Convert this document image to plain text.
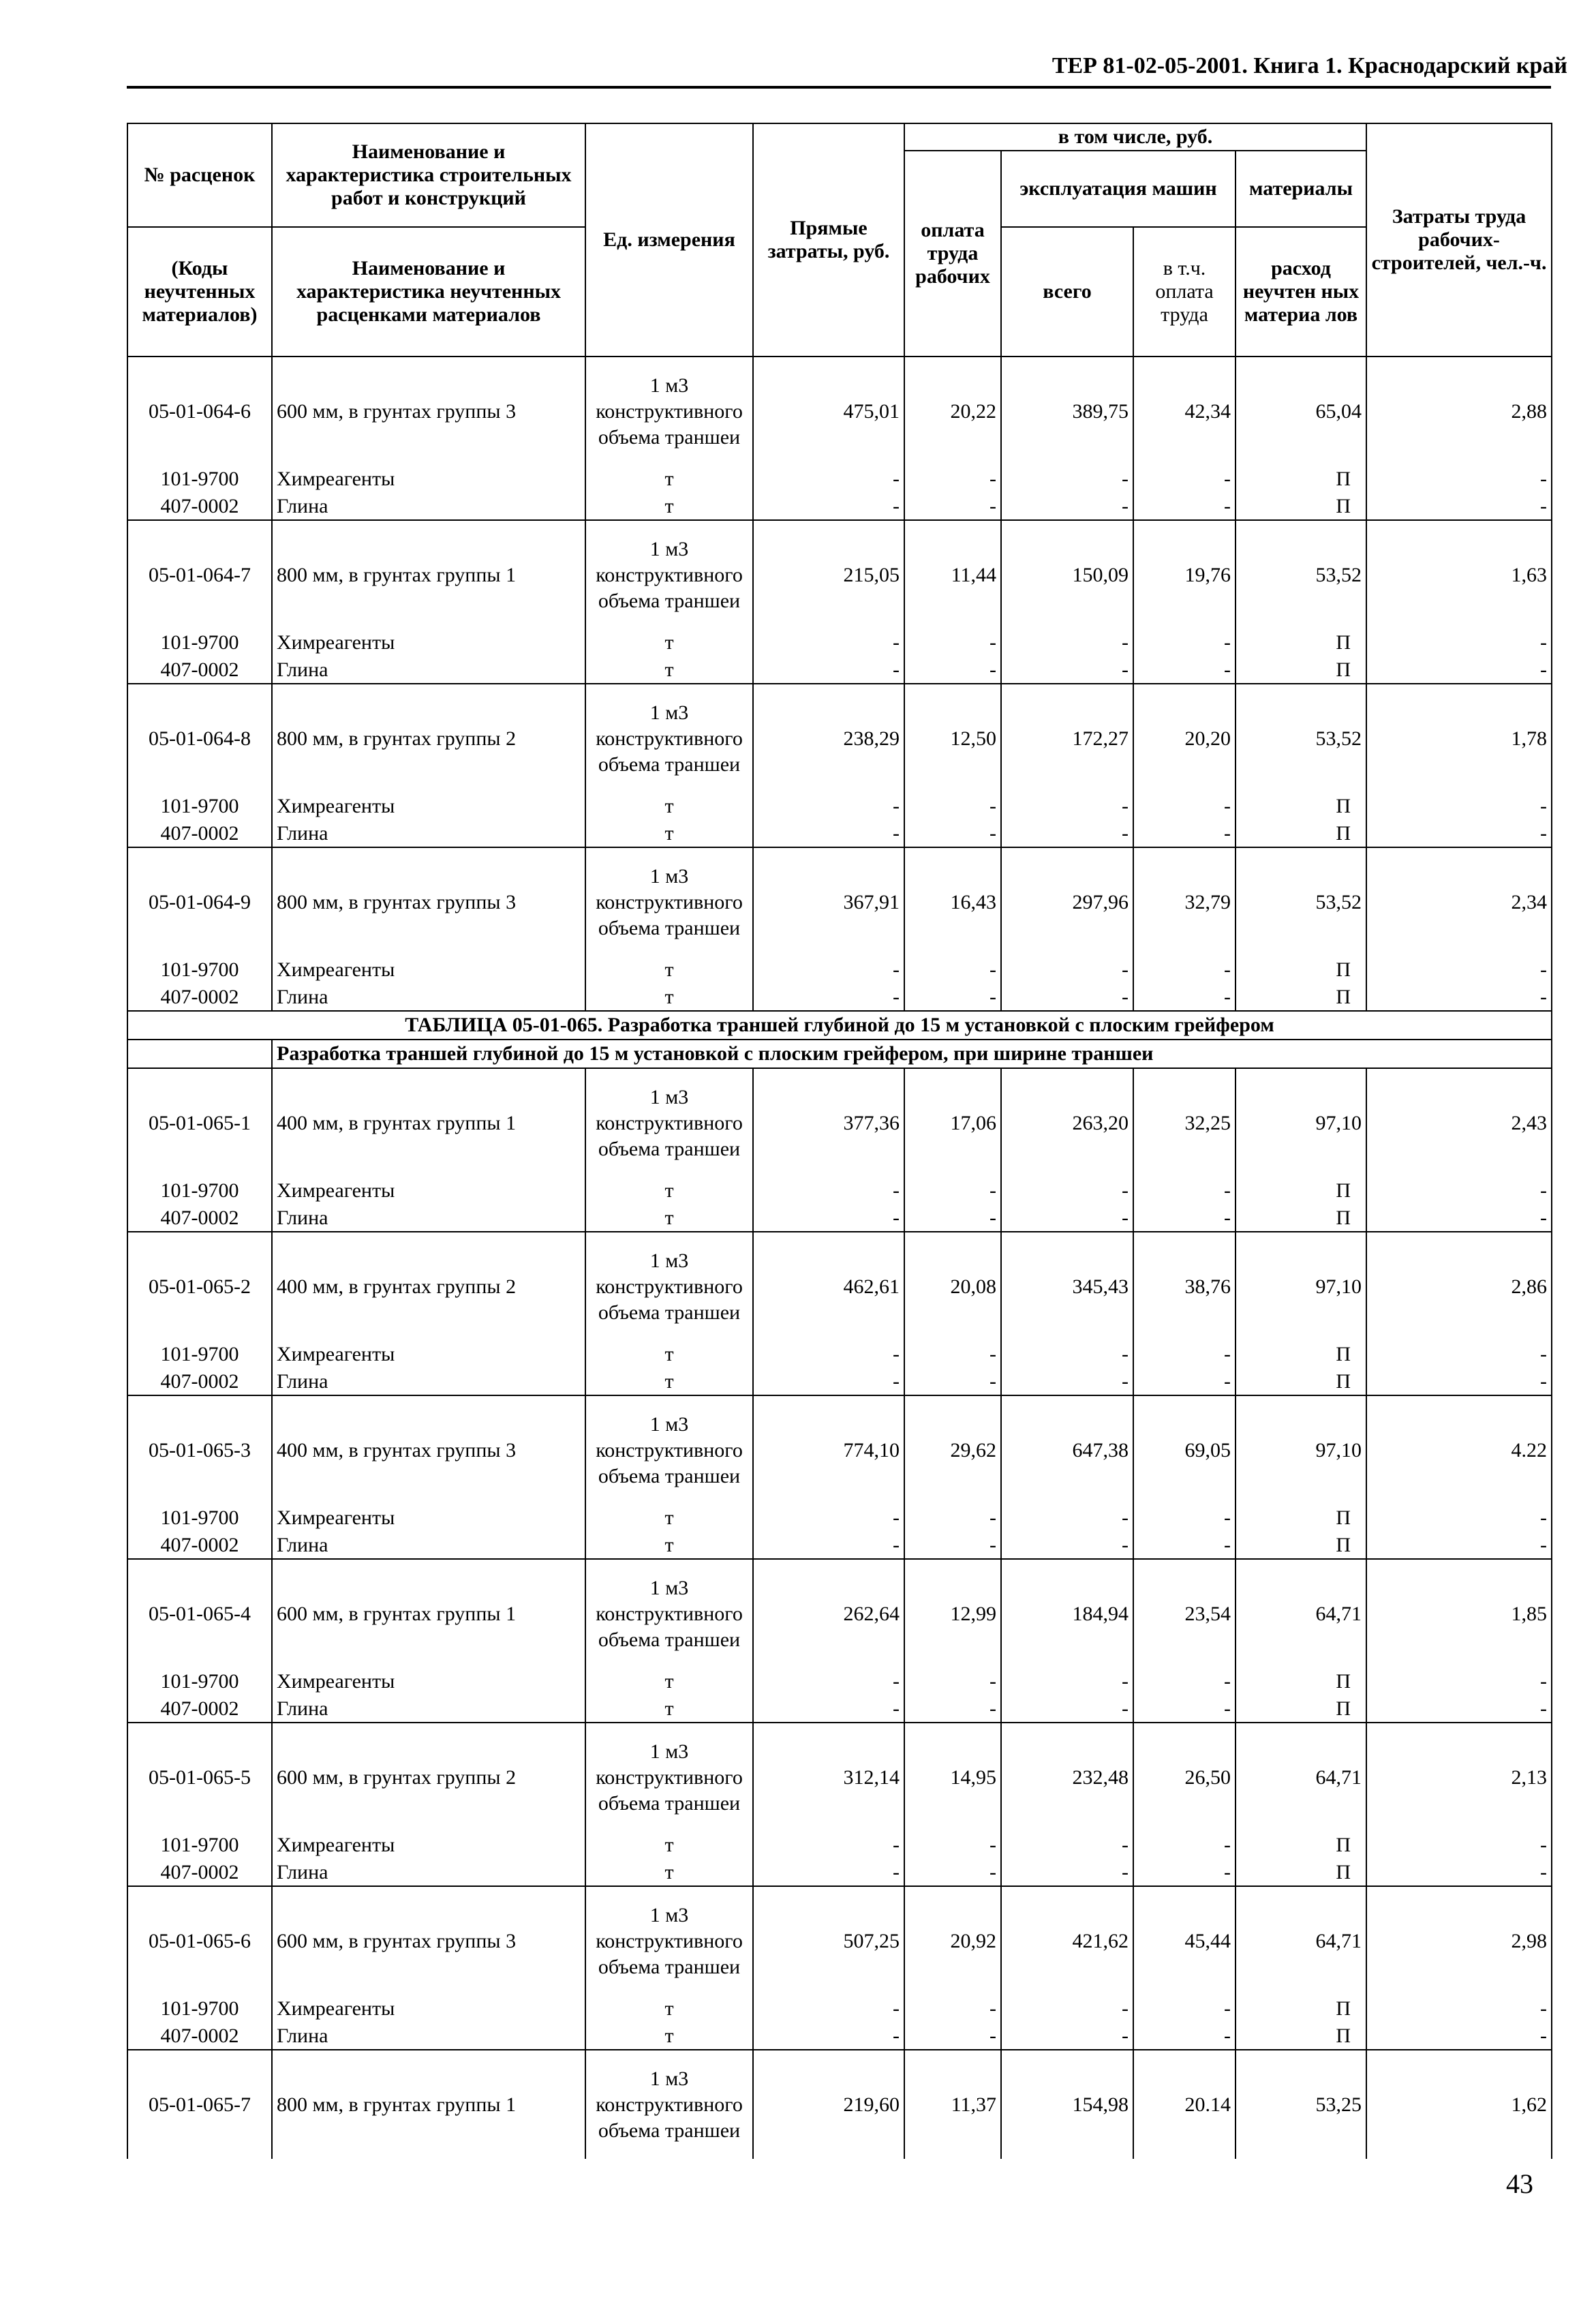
ТЕР 81-02-05-2001. Книга 1. Краснодарский край
№ расценок	Наименование и характеристика строительных работ и конструкций	Ед. измерения	Прямые затраты, руб.	в том числе, руб.				Затраты труда рабочих-строителей, чел.-ч.
				оплата труда рабочих	эксплуатация машин		материалы	

(Коды неучтенных материалов)	Наименование и характеристика неучтенных расценками материалов				всего	в т.ч. оплата труда	расход неучтен ных материа лов	

05-01-064-6	600 мм, в грунтах группы 3	1 м3 конструктивного объема траншеи	475,01	20,22	389,75	42,34	65,04	2,88
101-9700	Химреагенты	т	-	-	-	-	П	-
407-0002	Глина	т	-	-	-	-	П	-
05-01-064-7	800 мм, в грунтах группы 1	1 м3 конструктивного объема траншеи	215,05	11,44	150,09	19,76	53,52	1,63
101-9700	Химреагенты	т	-	-	-	-	П	-
407-0002	Глина	т	-	-	-	-	П	-
05-01-064-8	800 мм, в грунтах группы 2	1 м3 конструктивного объема траншеи	238,29	12,50	172,27	20,20	53,52	1,78
101-9700	Химреагенты	т	-	-	-	-	П	-
407-0002	Глина	т	-	-	-	-	П	-
05-01-064-9	800 мм, в грунтах группы 3	1 м3 конструктивного объема траншеи	367,91	16,43	297,96	32,79	53,52	2,34
101-9700	Химреагенты	т	-	-	-	-	П	-
407-0002	Глина	т	-	-	-	-	П	-
ТАБЛИЦА 05-01-065. Разработка траншей глубиной до 15 м установкой с плоским грейфером								
	Разработка траншей глубиной до 15 м установкой с плоским грейфером, при ширине траншеи							
05-01-065-1	400 мм, в грунтах группы 1	1 м3 конструктивного объема траншеи	377,36	17,06	263,20	32,25	97,10	2,43
101-9700	Химреагенты	т	-	-	-	-	П	-
407-0002	Глина	т	-	-	-	-	П	-
05-01-065-2	400 мм, в грунтах группы 2	1 м3 конструктивного объема траншеи	462,61	20,08	345,43	38,76	97,10	2,86
101-9700	Химреагенты	т	-	-	-	-	П	-
407-0002	Глина	т	-	-	-	-	П	-
05-01-065-3	400 мм, в грунтах группы 3	1 м3 конструктивного объема траншеи	774,10	29,62	647,38	69,05	97,10	4.22
101-9700	Химреагенты	т	-	-	-	-	П	-
407-0002	Глина	т	-	-	-	-	П	-
05-01-065-4	600 мм, в грунтах группы 1	1 м3 конструктивного объема траншеи	262,64	12,99	184,94	23,54	64,71	1,85
101-9700	Химреагенты	т	-	-	-	-	П	-
407-0002	Глина	т	-	-	-	-	П	-
05-01-065-5	600 мм, в грунтах группы 2	1 м3 конструктивного объема траншеи	312,14	14,95	232,48	26,50	64,71	2,13
101-9700	Химреагенты	т	-	-	-	-	П	-
407-0002	Глина	т	-	-	-	-	П	-
05-01-065-6	600 мм, в грунтах группы 3	1 м3 конструктивного объема траншеи	507,25	20,92	421,62	45,44	64,71	2,98
101-9700	Химреагенты	т	-	-	-	-	П	-
407-0002	Глина	т	-	-	-	-	П	-
05-01-065-7	800 мм, в грунтах группы 1	1 м3 конструктивного объема траншеи	219,60	11,37	154,98	20.14	53,25	1,62
43
